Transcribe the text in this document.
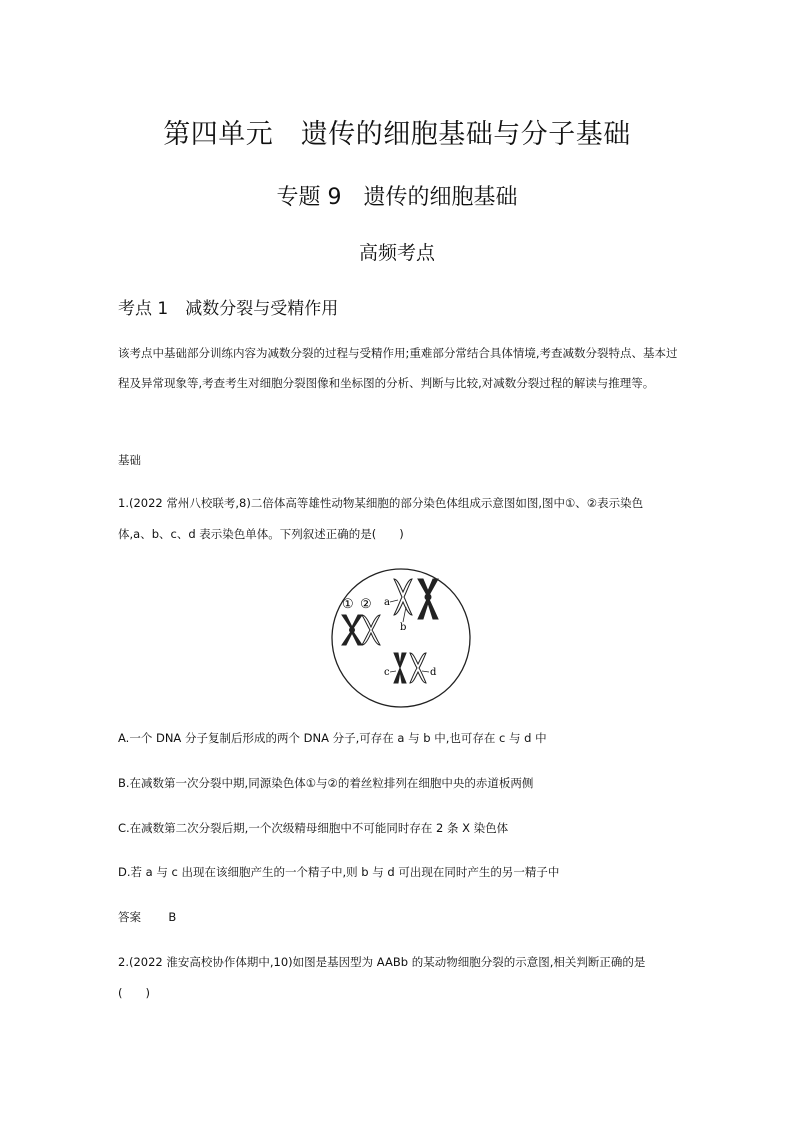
第四单元　遗传的细胞基础与分子基础
专题 9　遗传的细胞基础
高频考点
考点 1　减数分裂与受精作用
该考点中基础部分训练内容为减数分裂的过程与受精作用;重难部分常结合具体情境,考查减数分裂特点、基本过程及异常现象等,考查考生对细胞分裂图像和坐标图的分析、判断与比较,对减数分裂过程的解读与推理等。
基础
1.(2022 常州八校联考,8)二倍体高等雄性动物某细胞的部分染色体组成示意图如图,图中①、②表示染色
体,a、b、c、d 表示染色单体。下列叙述正确的是(　　)
① ② a
b
c	d
A.一个 DNA 分子复制后形成的两个 DNA 分子,可存在 a 与 b 中,也可存在 c 与 d 中
B.在减数第一次分裂中期,同源染色体①与②的着丝粒排列在细胞中央的赤道板两侧
C.在减数第二次分裂后期,一个次级精母细胞中不可能同时存在 2 条 X 染色体
D.若 a 与 c 出现在该细胞产生的一个精子中,则 b 与 d 可出现在同时产生的另一精子中
答案 B
2.(2022 淮安高校协作体期中,10)如图是基因型为 AABb 的某动物细胞分裂的示意图,相关判断正确的是
(　　)
